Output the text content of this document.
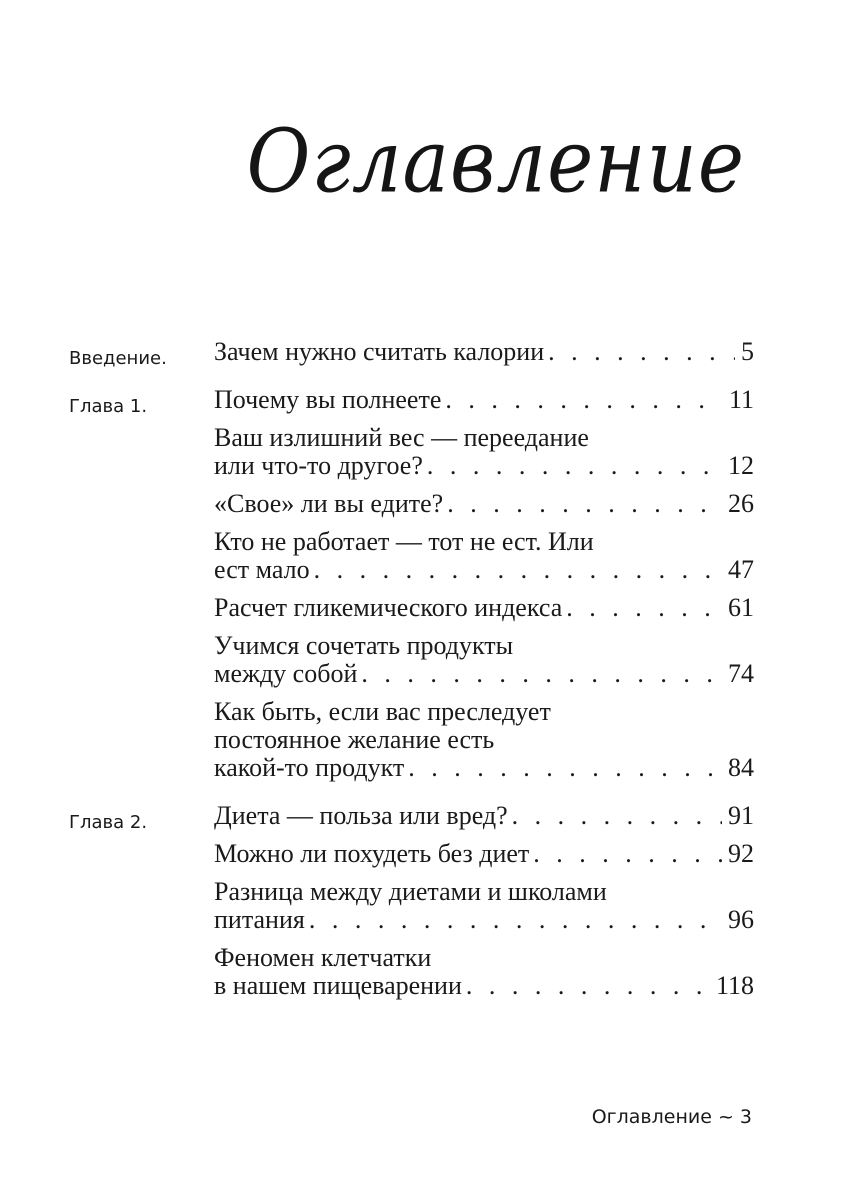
Оглавление
Введение. Зачем нужно считать калории . . .	5
Глава 1.	Почему вы полнеете . . .	11
Ваш излишний вес — переедание
или что-то другое? . . .	12
«Свое» ли вы едите? . . .	26
Кто не работает — тот не ест. Или
ест мало . . .	47
Расчет гликемического индекса . . .	61
Учимся сочетать продукты
между собой . . .	74
Как быть, если вас преследует
постоянное желание есть
какой-то продукт . . .	84
Глава 2.	Диета — польза или вред? . . .	91
Можно ли похудеть без диет . . .	92
Разница между диетами и школами
питания . . .	96
Феномен клетчатки
в нашем пищеварении . . .	118
Оглавление ~ 3
